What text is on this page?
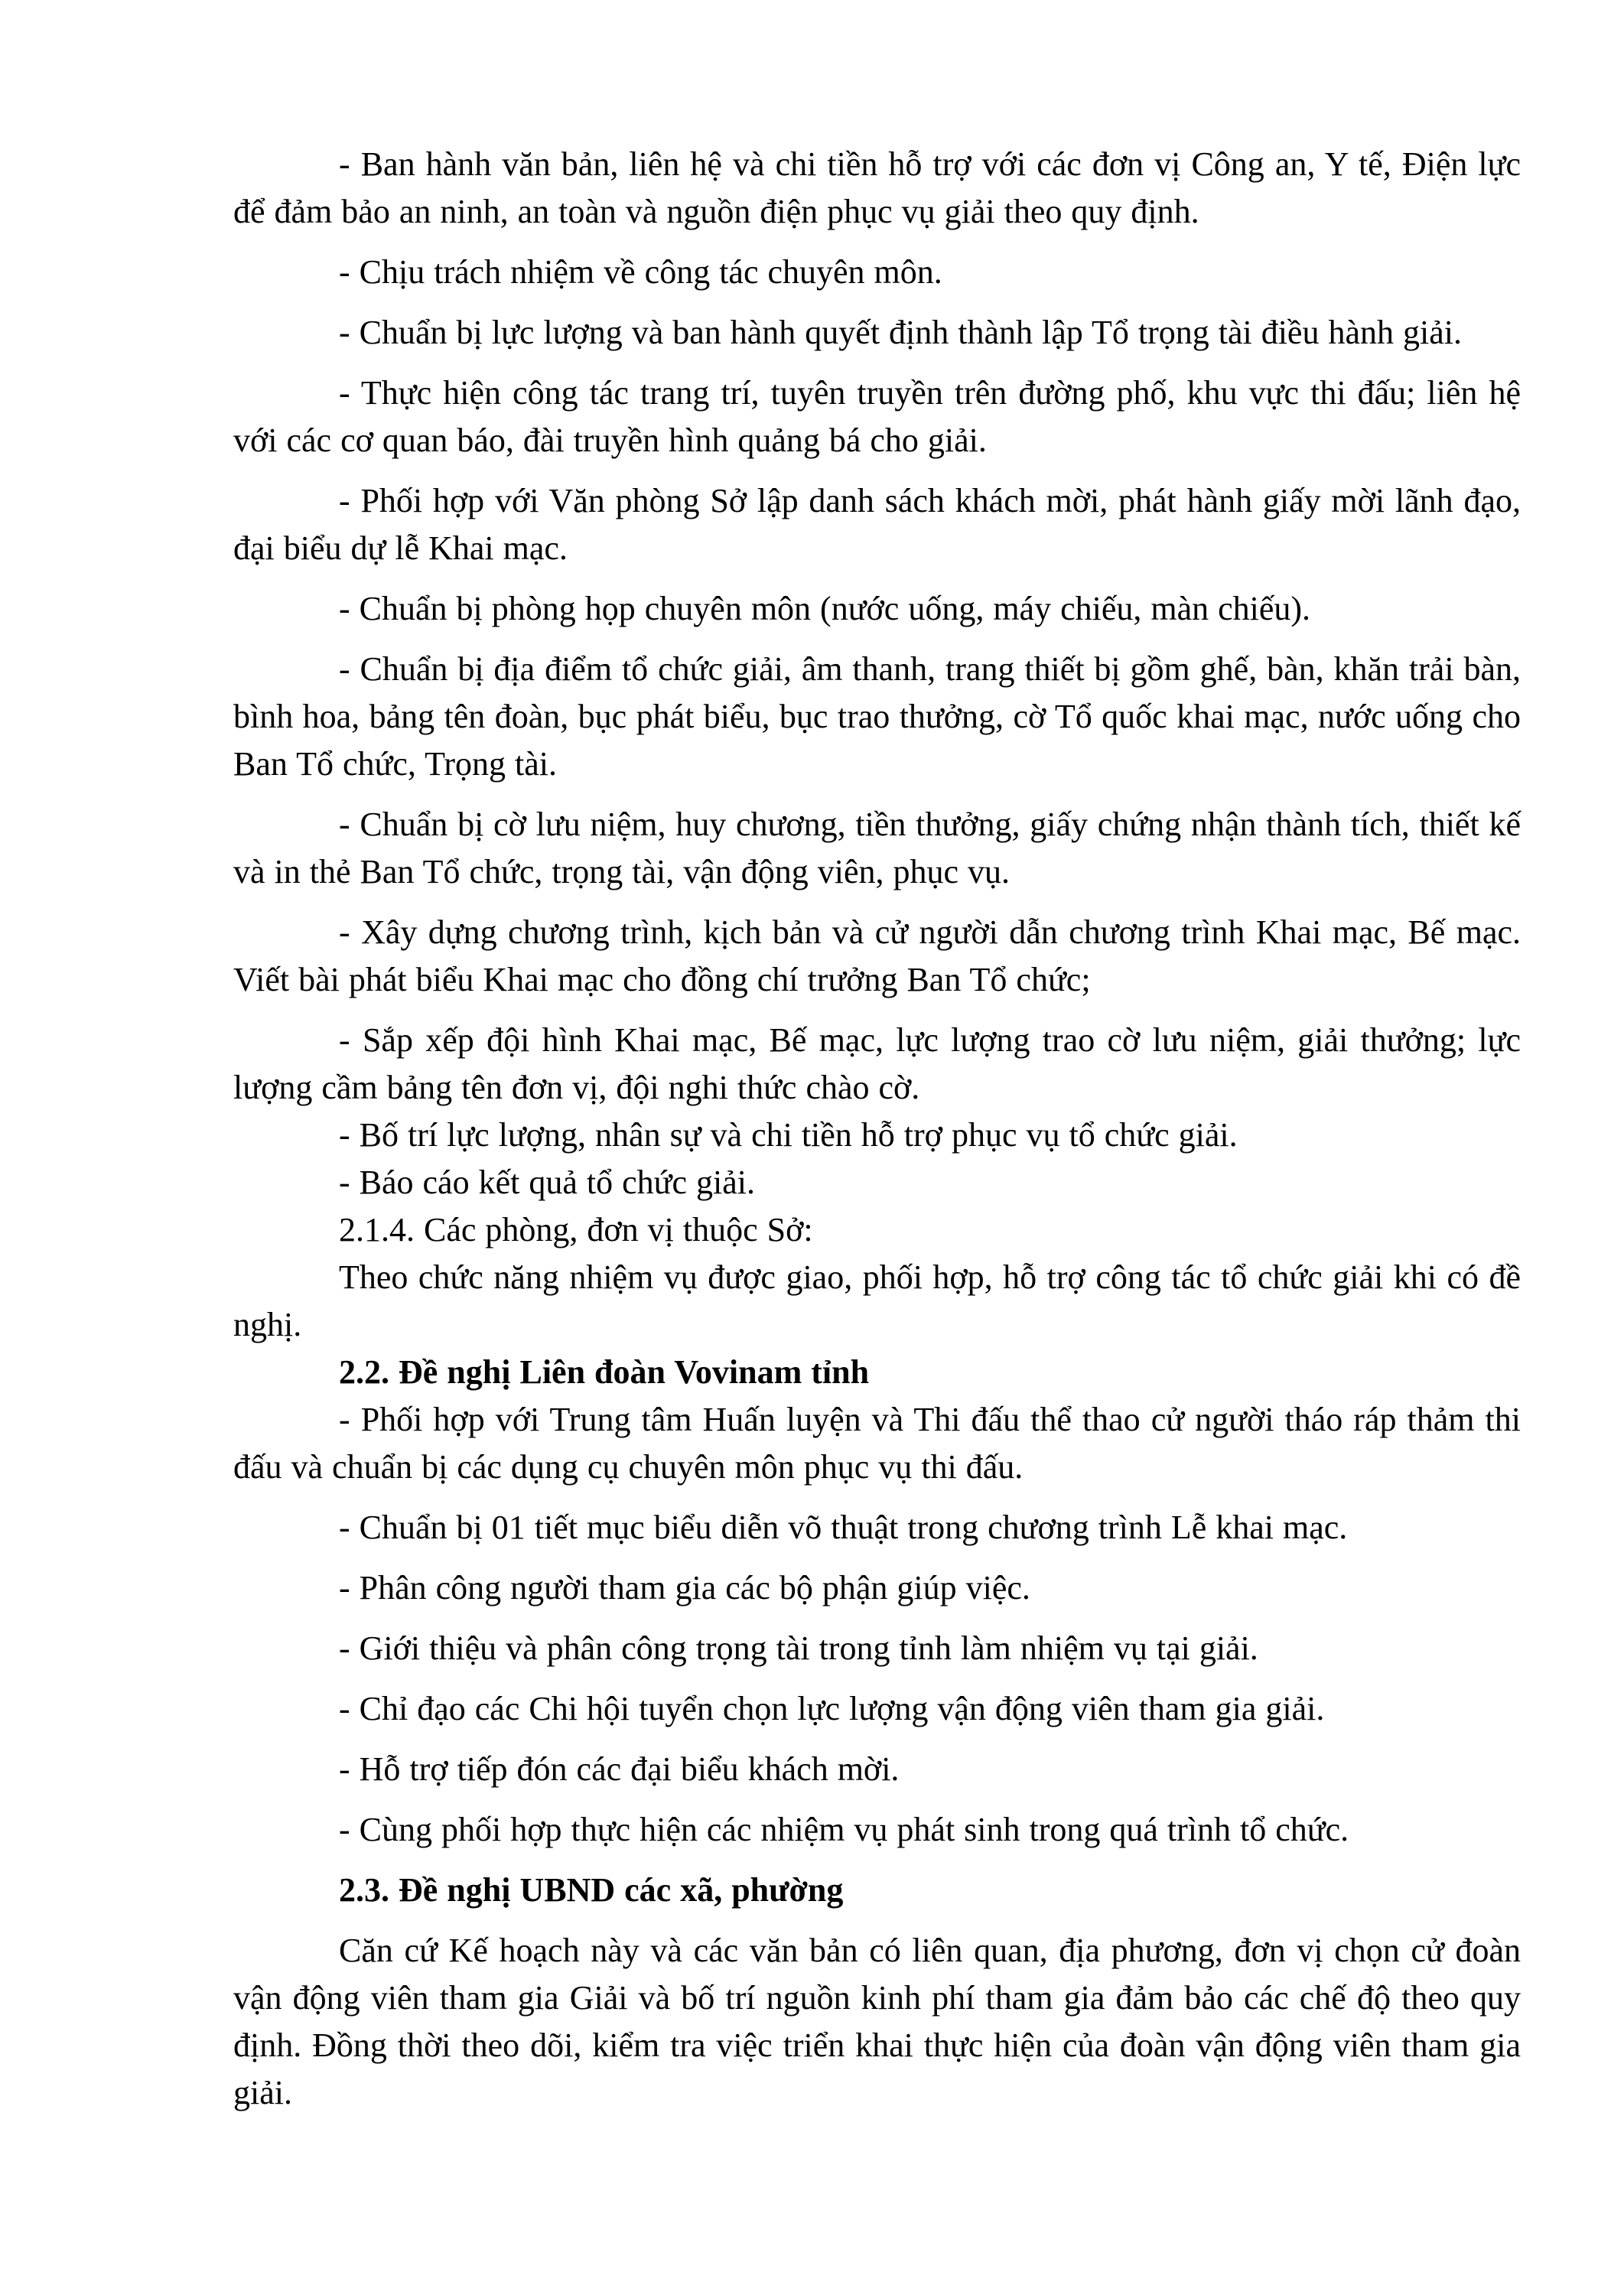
- Ban hành văn bản, liên hệ và chi tiền hỗ trợ với các đơn vị Công an, Y tế, Điện lực để đảm bảo an ninh, an toàn và nguồn điện phục vụ giải theo quy định.

- Chịu trách nhiệm về công tác chuyên môn.

- Chuẩn bị lực lượng và ban hành quyết định thành lập Tổ trọng tài điều hành giải.

- Thực hiện công tác trang trí, tuyên truyền trên đường phố, khu vực thi đấu; liên hệ với các cơ quan báo, đài truyền hình quảng bá cho giải.

- Phối hợp với Văn phòng Sở lập danh sách khách mời, phát hành giấy mời lãnh đạo, đại biểu dự lễ Khai mạc.

- Chuẩn bị phòng họp chuyên môn (nước uống, máy chiếu, màn chiếu).

- Chuẩn bị địa điểm tổ chức giải, âm thanh, trang thiết bị gồm ghế, bàn, khăn trải bàn, bình hoa, bảng tên đoàn, bục phát biểu, bục trao thưởng, cờ Tổ quốc khai mạc, nước uống cho Ban Tổ chức, Trọng tài.

- Chuẩn bị cờ lưu niệm, huy chương, tiền thưởng, giấy chứng nhận thành tích, thiết kế và in thẻ Ban Tổ chức, trọng tài, vận động viên, phục vụ.

- Xây dựng chương trình, kịch bản và cử người dẫn chương trình Khai mạc, Bế mạc. Viết bài phát biểu Khai mạc cho đồng chí trưởng Ban Tổ chức;

- Sắp xếp đội hình Khai mạc, Bế mạc, lực lượng trao cờ lưu niệm, giải thưởng; lực lượng cầm bảng tên đơn vị, đội nghi thức chào cờ.

- Bố trí lực lượng, nhân sự và chi tiền hỗ trợ phục vụ tổ chức giải.

- Báo cáo kết quả tổ chức giải.

2.1.4. Các phòng, đơn vị thuộc Sở:

Theo chức năng nhiệm vụ được giao, phối hợp, hỗ trợ công tác tổ chức giải khi có đề nghị.

2.2. Đề nghị Liên đoàn Vovinam tỉnh

- Phối hợp với Trung tâm Huấn luyện và Thi đấu thể thao cử người tháo ráp thảm thi đấu và chuẩn bị các dụng cụ chuyên môn phục vụ thi đấu.

- Chuẩn bị 01 tiết mục biểu diễn võ thuật trong chương trình Lễ khai mạc.

- Phân công người tham gia các bộ phận giúp việc.

- Giới thiệu và phân công trọng tài trong tỉnh làm nhiệm vụ tại giải.

- Chỉ đạo các Chi hội tuyển chọn lực lượng vận động viên tham gia giải.

- Hỗ trợ tiếp đón các đại biểu khách mời.

- Cùng phối hợp thực hiện các nhiệm vụ phát sinh trong quá trình tổ chức.

2.3. Đề nghị UBND các xã, phường

Căn cứ Kế hoạch này và các văn bản có liên quan, địa phương, đơn vị chọn cử đoàn vận động viên tham gia Giải và bố trí nguồn kinh phí tham gia đảm bảo các chế độ theo quy định. Đồng thời theo dõi, kiểm tra việc triển khai thực hiện của đoàn vận động viên tham gia giải.
